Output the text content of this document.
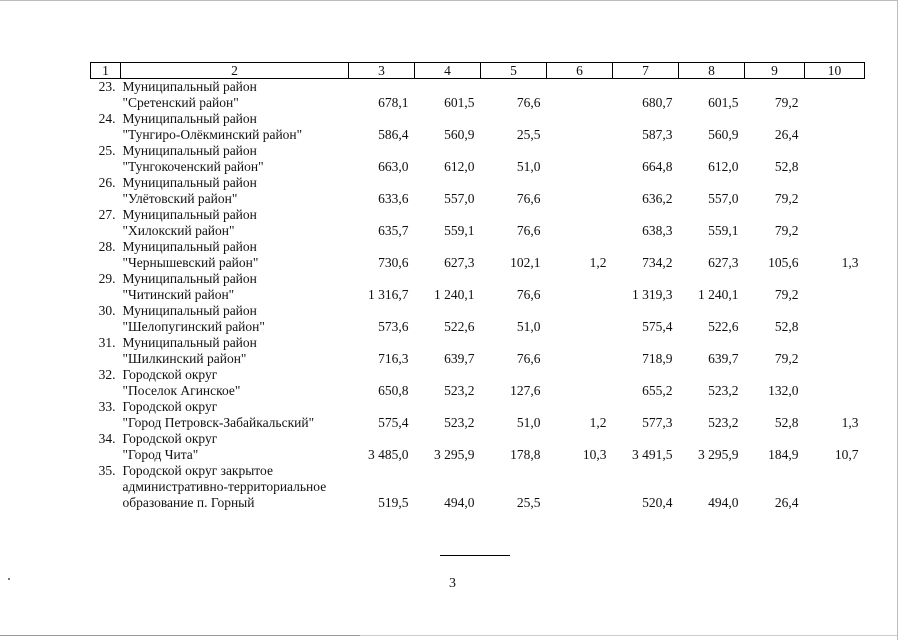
1	2	3	4	5	6	7	8	9	10
23.	Муниципальный район
"Сретенский район"	678,1	601,5	76,6		680,7	601,5	79,2	
24.	Муниципальный район
"Тунгиро-Олёкминский район"	586,4	560,9	25,5		587,3	560,9	26,4	
25.	Муниципальный район
"Тунгокоченский район"	663,0	612,0	51,0		664,8	612,0	52,8	
26.	Муниципальный район
"Улётовский район"	633,6	557,0	76,6		636,2	557,0	79,2	
27.	Муниципальный район
"Хилокский район"	635,7	559,1	76,6		638,3	559,1	79,2	
28.	Муниципальный район
"Чернышевский район"	730,6	627,3	102,1	1,2	734,2	627,3	105,6	1,3
29.	Муниципальный район
"Читинский район"	1 316,7	1 240,1	76,6		1 319,3	1 240,1	79,2	
30.	Муниципальный район
"Шелопугинский район"	573,6	522,6	51,0		575,4	522,6	52,8	
31.	Муниципальный район
"Шилкинский район"	716,3	639,7	76,6		718,9	639,7	79,2	
32.	Городской округ
"Поселок Агинское"	650,8	523,2	127,6		655,2	523,2	132,0	
33.	Городской округ
"Город Петровск-Забайкальский"	575,4	523,2	51,0	1,2	577,3	523,2	52,8	1,3
34.	Городской округ
"Город Чита"	3 485,0	3 295,9	178,8	10,3	3 491,5	3 295,9	184,9	10,7
35.	Городской округ закрытое
административно-территориальное
образование п. Горный	519,5	494,0	25,5		520,4	494,0	26,4	
3
